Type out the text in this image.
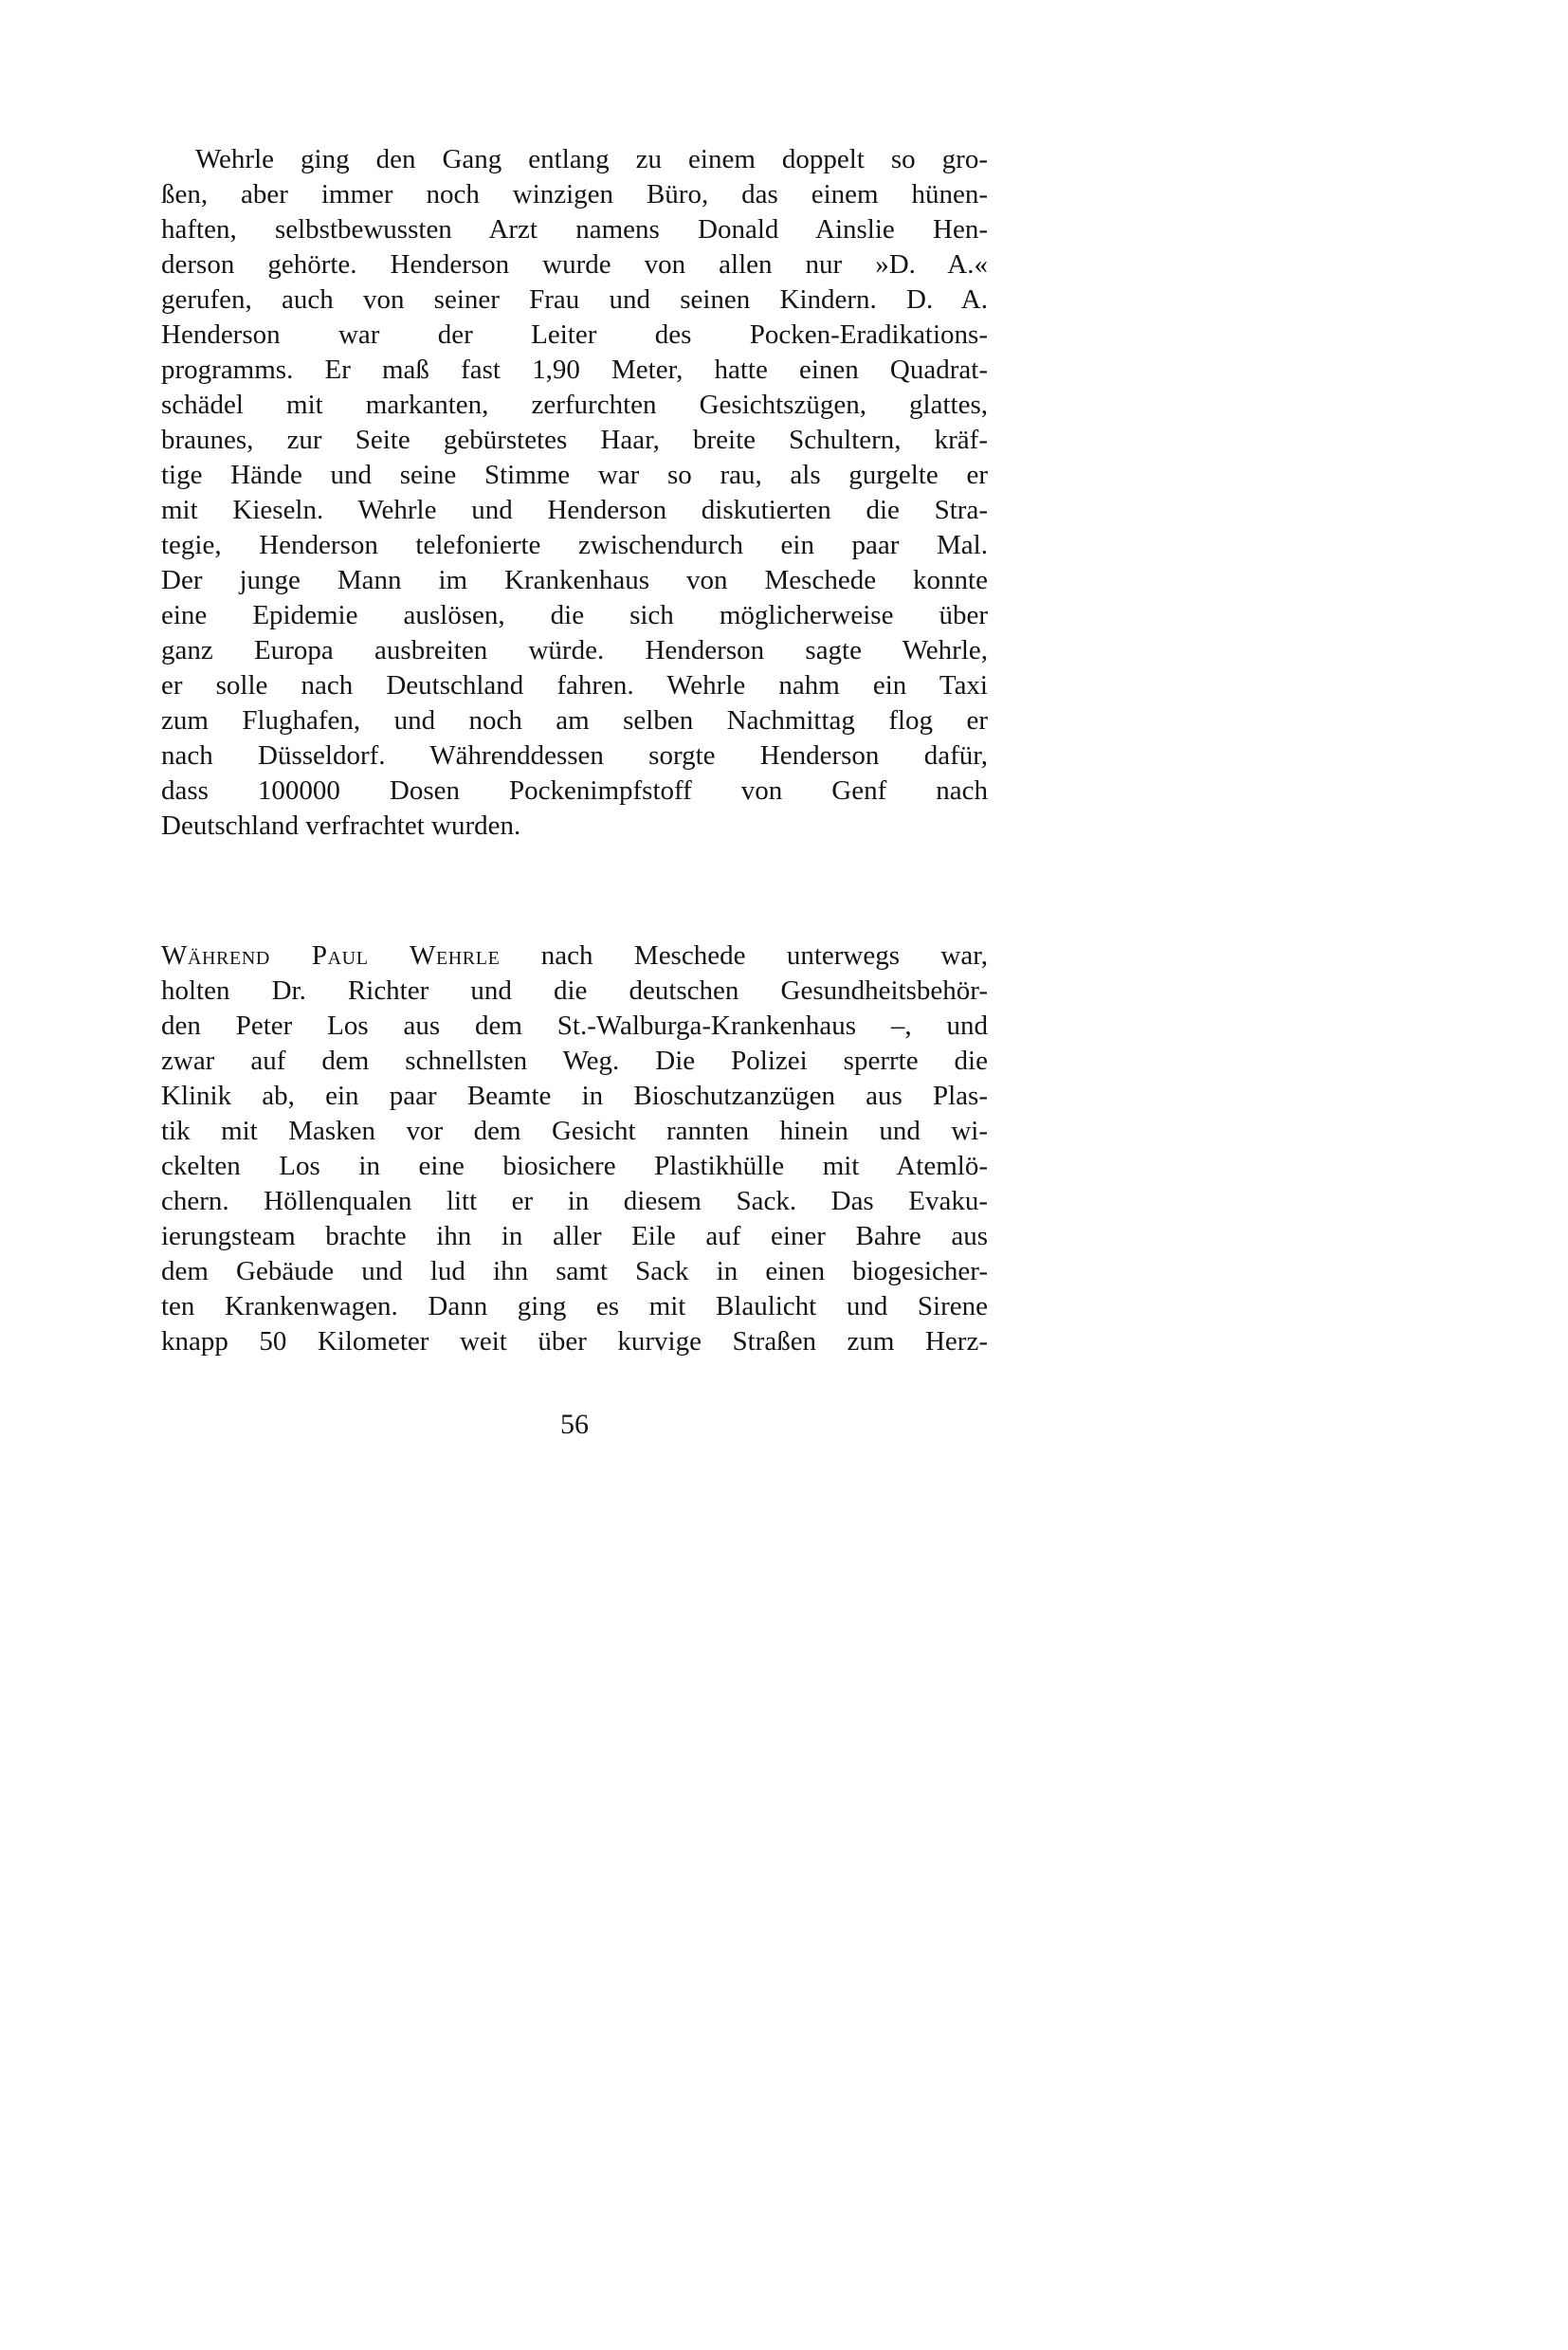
Wehrle ging den Gang entlang zu einem doppelt so gro-
ßen, aber immer noch winzigen Büro, das einem hünen-
haften, selbstbewussten Arzt namens Donald Ainslie Hen-
derson gehörte. Henderson wurde von allen nur »D. A.«
gerufen, auch von seiner Frau und seinen Kindern. D. A.
Henderson war der Leiter des Pocken-Eradikations-
programms. Er maß fast 1,90 Meter, hatte einen Quadrat-
schädel mit markanten, zerfurchten Gesichtszügen, glattes,
braunes, zur Seite gebürstetes Haar, breite Schultern, kräf-
tige Hände und seine Stimme war so rau, als gurgelte er
mit Kieseln. Wehrle und Henderson diskutierten die Stra-
tegie, Henderson telefonierte zwischendurch ein paar Mal.
Der junge Mann im Krankenhaus von Meschede konnte
eine Epidemie auslösen, die sich möglicherweise über
ganz Europa ausbreiten würde. Henderson sagte Wehrle,
er solle nach Deutschland fahren. Wehrle nahm ein Taxi
zum Flughafen, und noch am selben Nachmittag flog er
nach Düsseldorf. Währenddessen sorgte Henderson dafür,
dass 100000 Dosen Pockenimpfstoff von Genf nach
Deutschland verfrachtet wurden.
Während Paul Wehrle nach Meschede unterwegs war,
holten Dr. Richter und die deutschen Gesundheitsbehör-
den Peter Los aus dem St.-Walburga-Krankenhaus –, und
zwar auf dem schnellsten Weg. Die Polizei sperrte die
Klinik ab, ein paar Beamte in Bioschutzanzügen aus Plas-
tik mit Masken vor dem Gesicht rannten hinein und wi-
ckelten Los in eine biosichere Plastikhülle mit Atemlö-
chern. Höllenqualen litt er in diesem Sack. Das Evaku-
ierungsteam brachte ihn in aller Eile auf einer Bahre aus
dem Gebäude und lud ihn samt Sack in einen biogesicher-
ten Krankenwagen. Dann ging es mit Blaulicht und Sirene
knapp 50 Kilometer weit über kurvige Straßen zum Herz-
56
